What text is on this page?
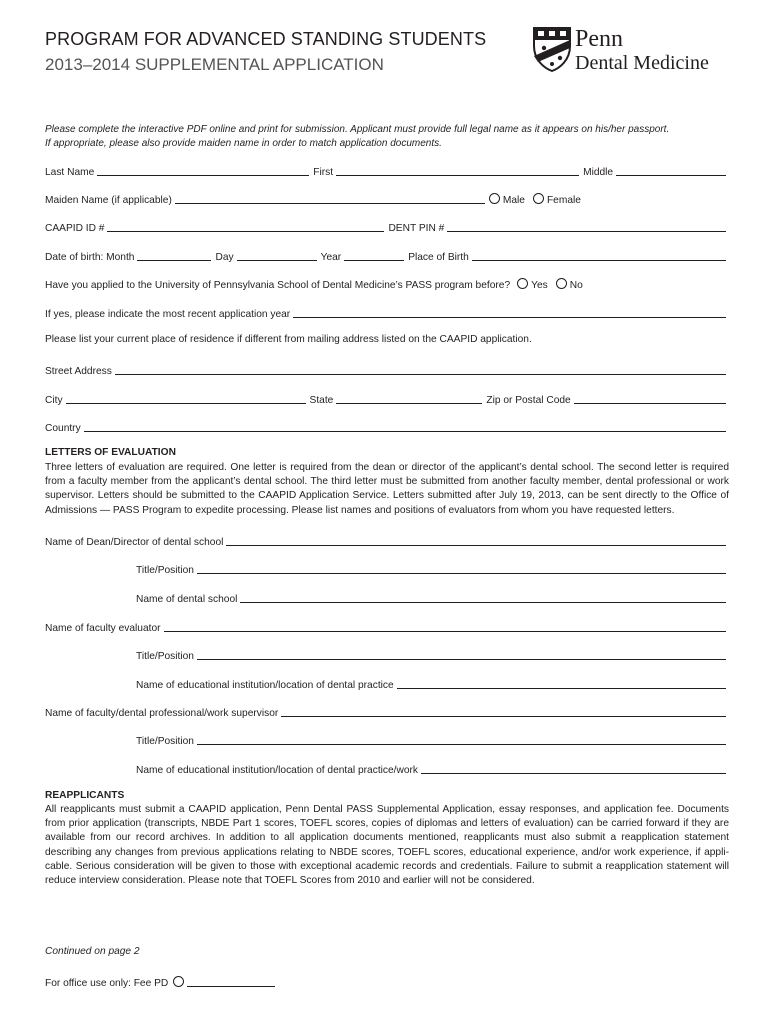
PROGRAM FOR ADVANCED STANDING STUDENTS
2013–2014 SUPPLEMENTAL APPLICATION
Penn
Dental Medicine
Please complete the interactive PDF online and print for submission. Applicant must provide full legal name as it appears on his/her passport.
If appropriate, please also provide maiden name in order to match application documents.
Last Name	First	Middle
Maiden Name (if applicable)	Male	Female
CAAPID ID #	DENT PIN #
Date of birth: Month	Day	Year	Place of Birth
Have you applied to the University of Pennsylvania School of Dental Medicine’s PASS program before? Yes	No
If yes, please indicate the most recent application year
Please list your current place of residence if different from mailing address listed on the CAAPID application.
Street Address
City	State	Zip or Postal Code
Country
LETTERS OF EVALUATION
Three letters of evaluation are required. One letter is required from the dean or director of the applicant’s dental school. The second letter is required from a faculty member from the applicant’s dental school. The third letter must be submitted from another faculty member, dental professional or work supervisor. Letters should be submitted to the CAAPID Application Service. Letters submitted after July 19, 2013, can be sent directly to the Office of Admissions — PASS Program to expedite processing. Please list names and positions of evaluators from whom you have requested letters.
Name of Dean/Director of dental school
Title/Position
Name of dental school
Name of faculty evaluator
Title/Position
Name of educational institution/location of dental practice
Name of faculty/dental professional/work supervisor
Title/Position
Name of educational institution/location of dental practice/work
REAPPLICANTS
All reapplicants must submit a CAAPID application, Penn Dental PASS Supplemental Application, essay responses, and application fee. Documents from prior application (transcripts, NBDE Part 1 scores, TOEFL scores, copies of diplomas and letters of evaluation) can be carried forward if they are available from our record archives. In addition to all application documents mentioned, reapplicants must also submit a reapplication statement describing any changes from previous applications relating to NBDE scores, TOEFL scores, educational experience, and/or work experience, if appli-cable. Serious consideration will be given to those with exceptional academic records and credentials. Failure to submit a reapplication statement will reduce interview consideration. Please note that TOEFL Scores from 2010 and earlier will not be considered.
Continued on page 2
For office use only: Fee PD
